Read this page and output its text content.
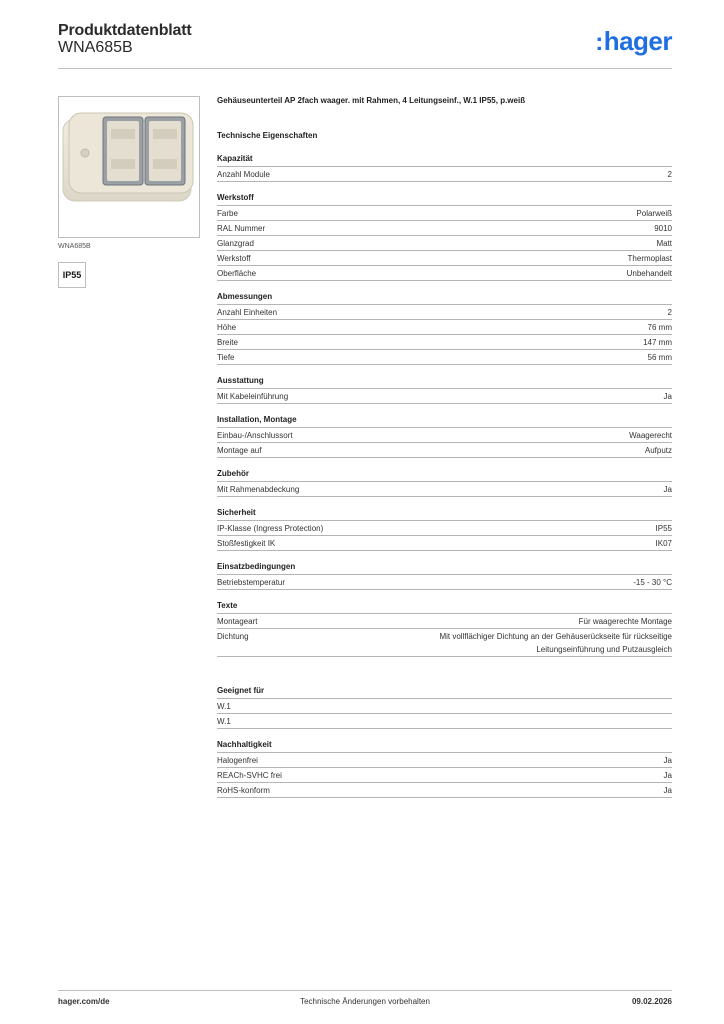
Produktdatenblatt
WNA685B	:hager
WNA685B
IP55
Gehäuseunterteil AP 2fach waager. mit Rahmen, 4 Leitungseinf., W.1 IP55, p.weiß
Technische Eigenschaften
Kapazität
Anzahl Module	2
Werkstoff
Farbe	Polarweiß
RAL Nummer	9010
Glanzgrad	Matt
Werkstoff	Thermoplast
Oberfläche	Unbehandelt
Abmessungen
Anzahl Einheiten	2
Höhe	76 mm
Breite	147 mm
Tiefe	56 mm
Ausstattung
Mit Kabeleinführung	Ja
Installation, Montage
Einbau-/Anschlussort	Waagerecht
Montage auf	Aufputz
Zubehör
Mit Rahmenabdeckung	Ja
Sicherheit
IP-Klasse (Ingress Protection)	IP55
Stoßfestigkeit IK	IK07
Einsatzbedingungen
Betriebstemperatur	-15 - 30 °C
Texte
Montageart	Für waagerechte Montage
Dichtung	Mit vollflächiger Dichtung an der Gehäuserückseite für rückseitige Leitungseinführung und Putzausgleich
Geeignet für
W.1
W.1
Nachhaltigkeit
Halogenfrei	Ja
REACh-SVHC frei	Ja
RoHS-konform	Ja
hager.com/de	Technische Änderungen vorbehalten	09.02.2026
